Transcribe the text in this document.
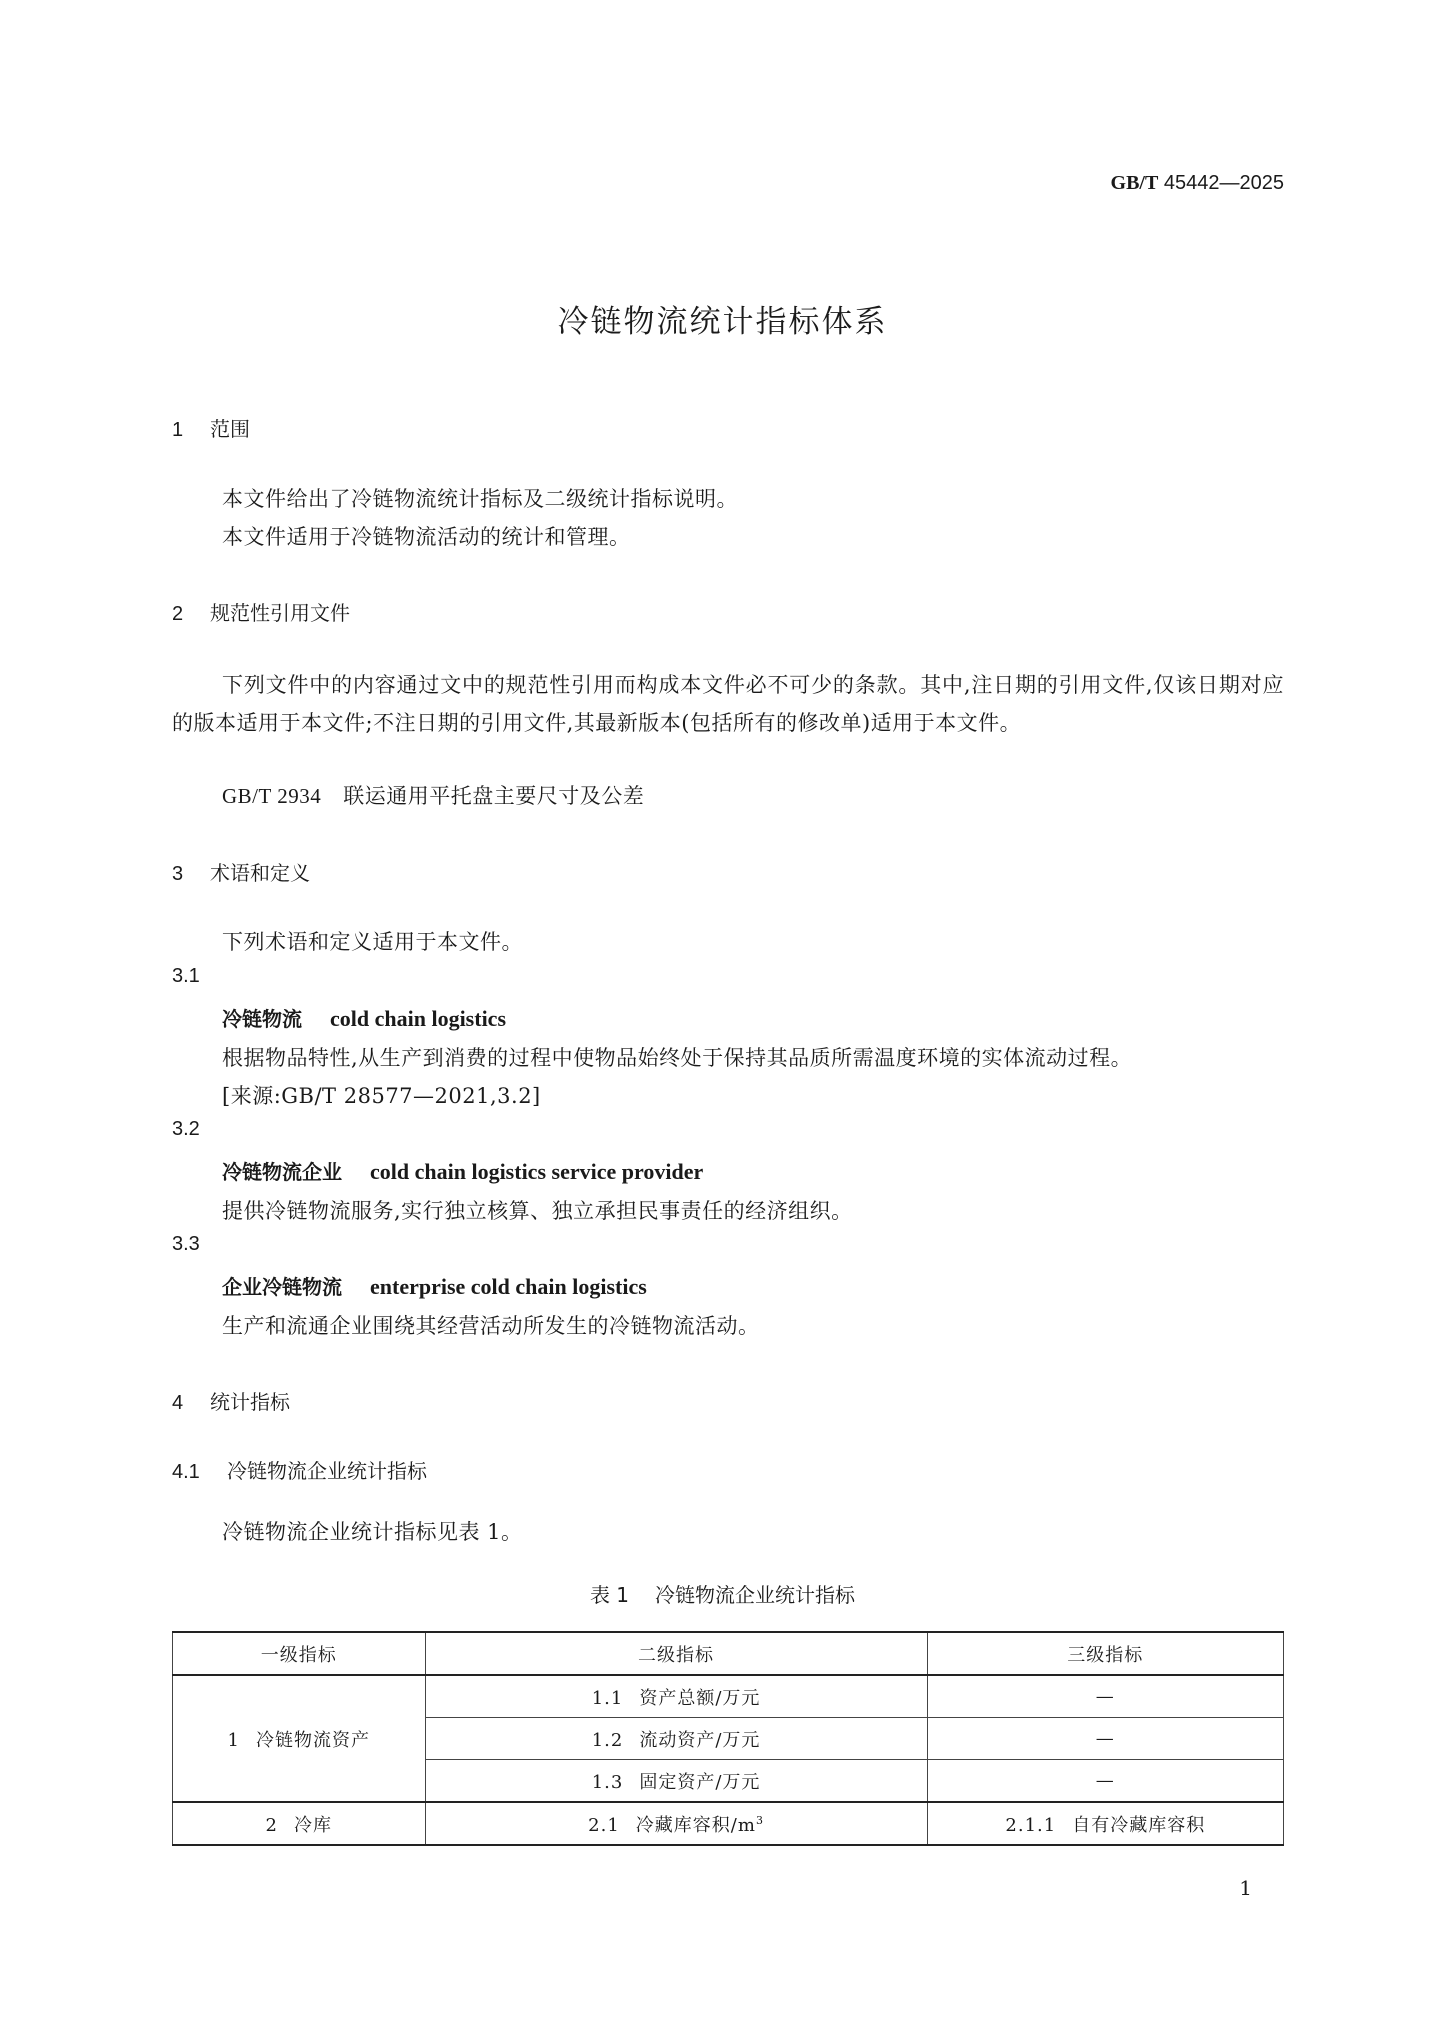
GB/T 45442—2025
冷链物流统计指标体系
1 范围
本文件给出了冷链物流统计指标及二级统计指标说明。
本文件适用于冷链物流活动的统计和管理。
2 规范性引用文件
下列文件中的内容通过文中的规范性引用而构成本文件必不可少的条款。其中,注日期的引用文件,仅该日期对应的版本适用于本文件;不注日期的引用文件,其最新版本(包括所有的修改单)适用于本文件。
GB/T 2934 联运通用平托盘主要尺寸及公差
3 术语和定义
下列术语和定义适用于本文件。
3.1
冷链物流 cold chain logistics
根据物品特性,从生产到消费的过程中使物品始终处于保持其品质所需温度环境的实体流动过程。
[来源:GB/T 28577—2021,3.2]
3.2
冷链物流企业 cold chain logistics service provider
提供冷链物流服务,实行独立核算、独立承担民事责任的经济组织。
3.3
企业冷链物流 enterprise cold chain logistics
生产和流通企业围绕其经营活动所发生的冷链物流活动。
4 统计指标
4.1 冷链物流企业统计指标
冷链物流企业统计指标见表 1。
表 1 冷链物流企业统计指标
一级指标	二级指标	三级指标
1 冷链物流资产	1.1 资产总额/万元	—
	1.2 流动资产/万元	—
	1.3 固定资产/万元	—
2 冷库	2.1 冷藏库容积$/m^3$	2.1.1 自有冷藏库容积
1
